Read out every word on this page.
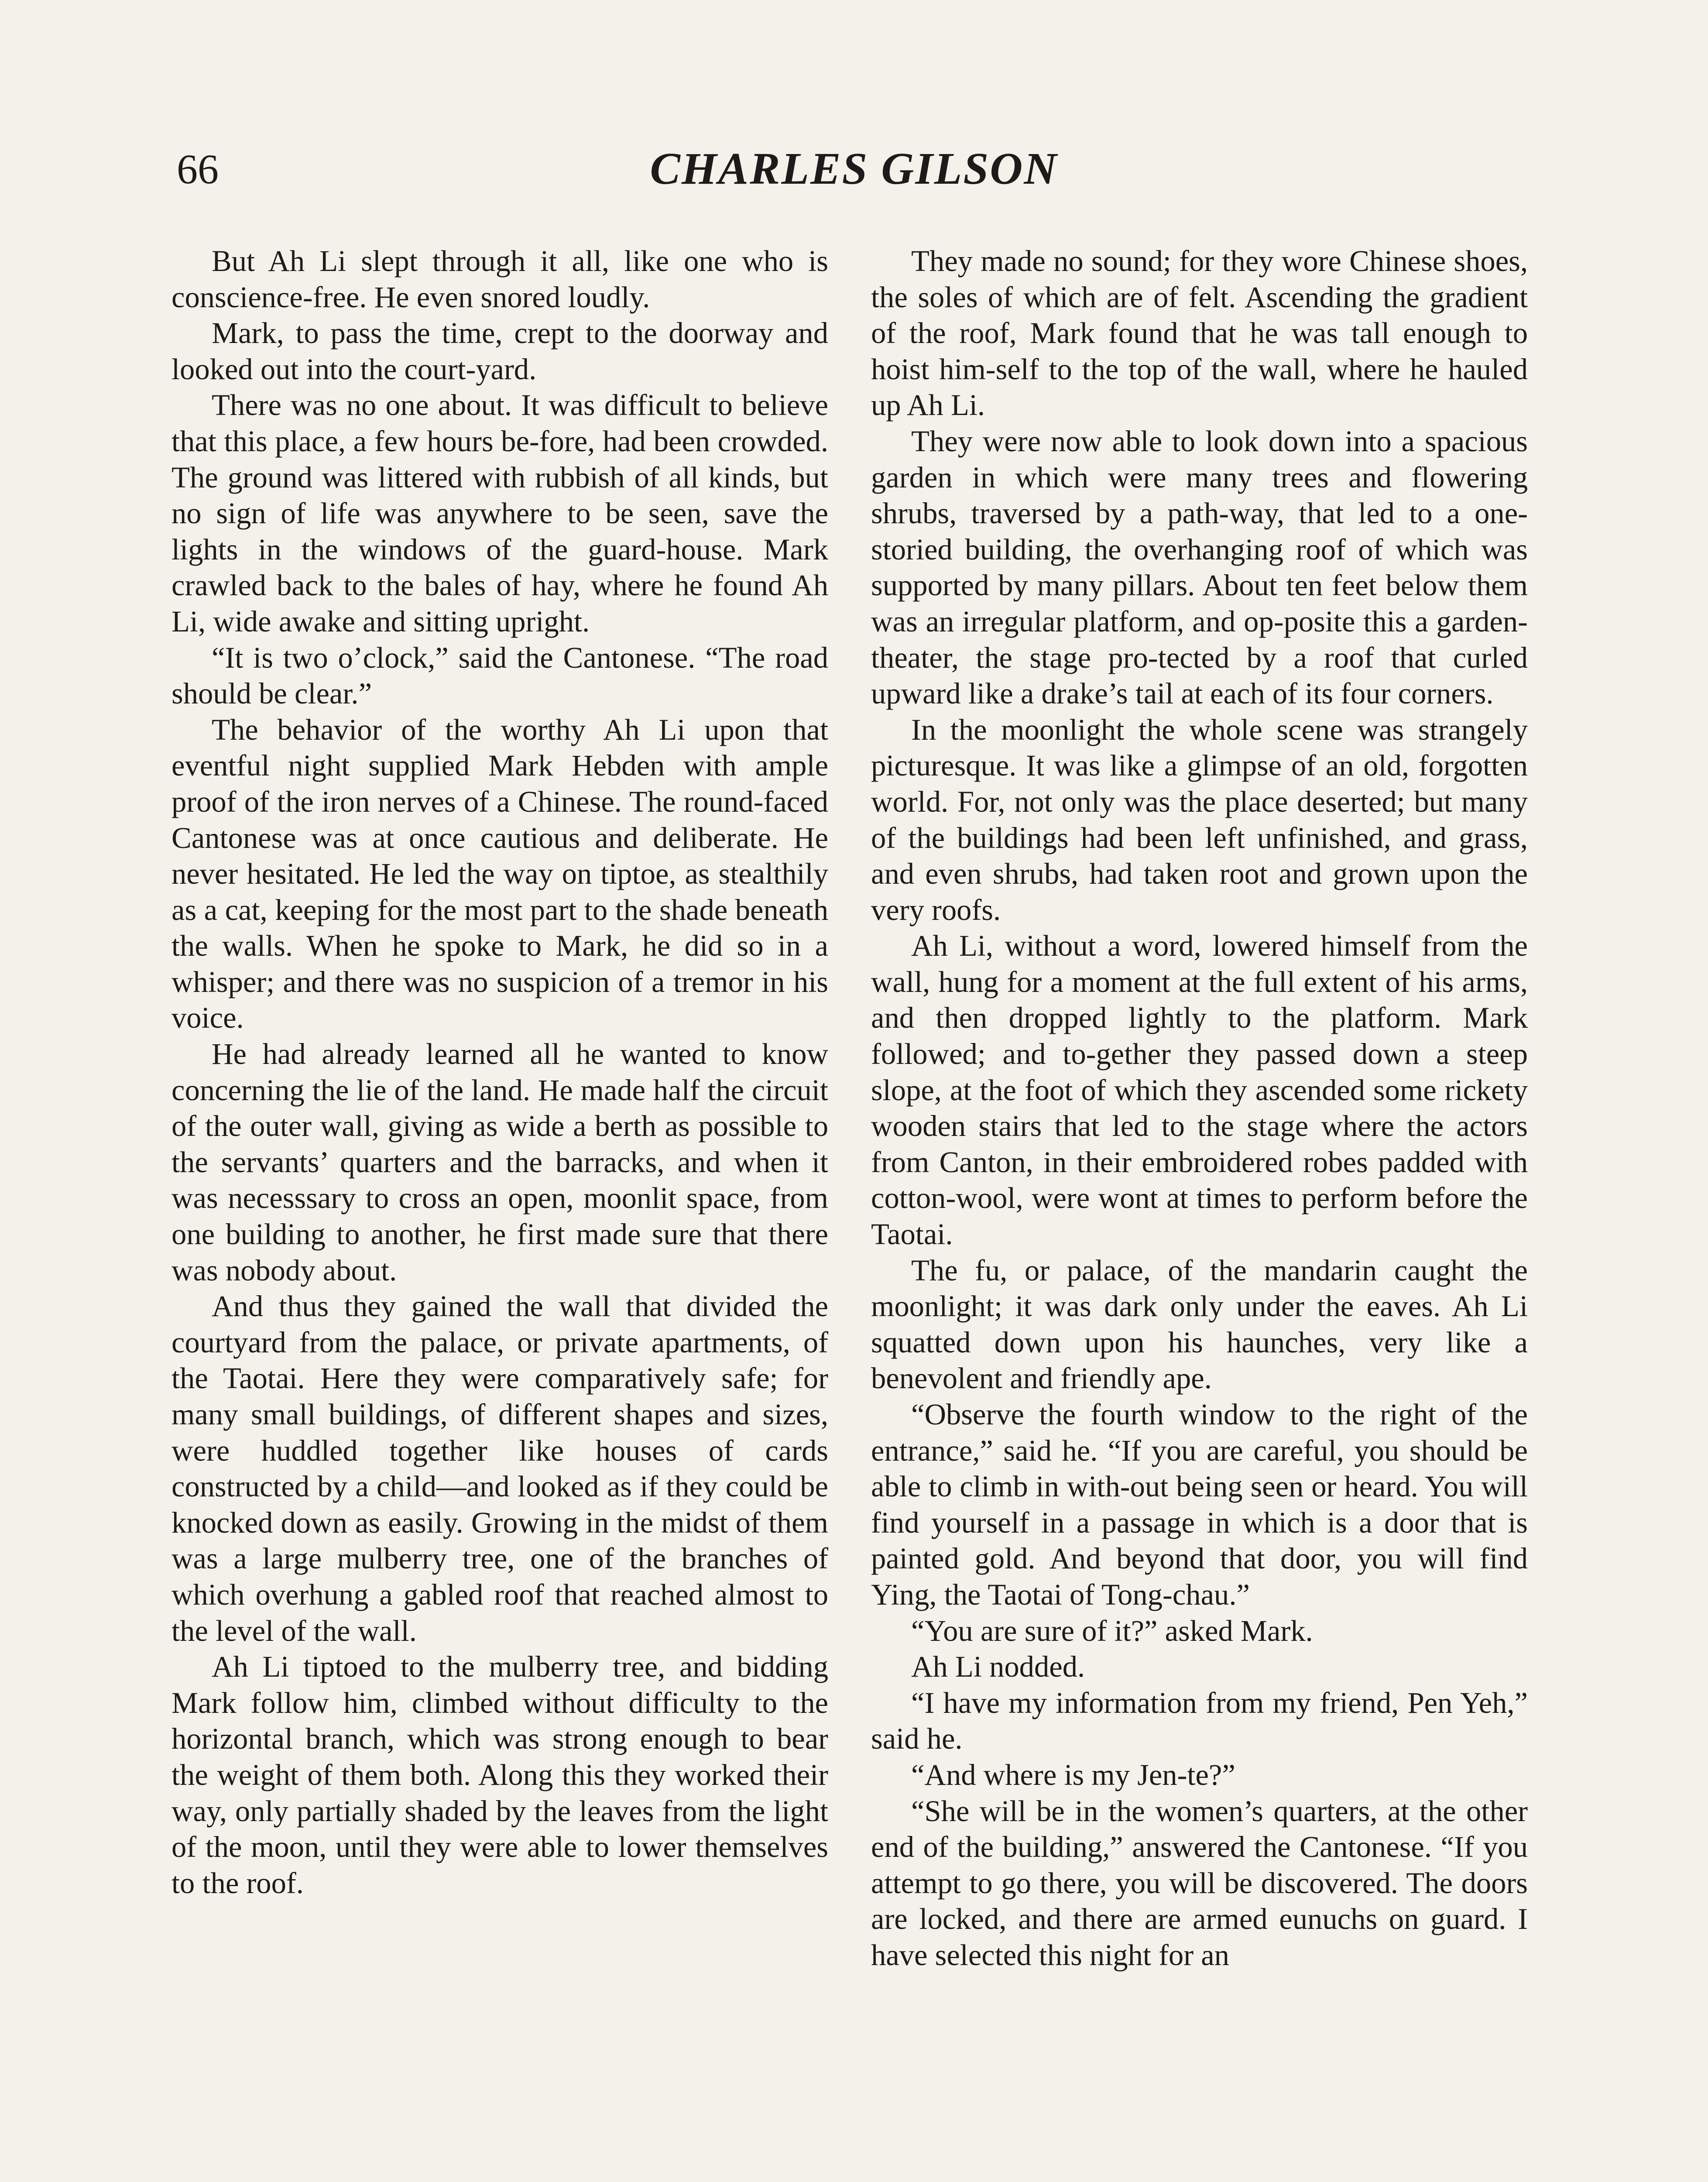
66	CHARLES GILSON

But Ah Li slept through it all, like one who is conscience-free. He even snored loudly.

Mark, to pass the time, crept to the doorway and looked out into the court-yard.

There was no one about. It was difficult to believe that this place, a few hours be-fore, had been crowded. The ground was littered with rubbish of all kinds, but no sign of life was anywhere to be seen, save the lights in the windows of the guard-house. Mark crawled back to the bales of hay, where he found Ah Li, wide awake and sitting upright.

“It is two o’clock,” said the Cantonese. “The road should be clear.”

The behavior of the worthy Ah Li upon that eventful night supplied Mark Hebden with ample proof of the iron nerves of a Chinese. The round-faced Cantonese was at once cautious and deliberate. He never hesitated. He led the way on tiptoe, as stealthily as a cat, keeping for the most part to the shade beneath the walls. When he spoke to Mark, he did so in a whisper; and there was no suspicion of a tremor in his voice.

He had already learned all he wanted to know concerning the lie of the land. He made half the circuit of the outer wall, giving as wide a berth as possible to the servants’ quarters and the barracks, and when it was necesssary to cross an open, moonlit space, from one building to another, he first made sure that there was nobody about.

And thus they gained the wall that divided the courtyard from the palace, or private apartments, of the Taotai. Here they were comparatively safe; for many small buildings, of different shapes and sizes, were huddled together like houses of cards constructed by a child—and looked as if they could be knocked down as easily. Growing in the midst of them was a large mulberry tree, one of the branches of which overhung a gabled roof that reached almost to the level of the wall.

Ah Li tiptoed to the mulberry tree, and bidding Mark follow him, climbed without difficulty to the horizontal branch, which was strong enough to bear the weight of them both. Along this they worked their way, only partially shaded by the leaves from the light of the moon, until they were able to lower themselves to the roof.

They made no sound; for they wore Chinese shoes, the soles of which are of felt. Ascending the gradient of the roof, Mark found that he was tall enough to hoist him-self to the top of the wall, where he hauled up Ah Li.

They were now able to look down into a spacious garden in which were many trees and flowering shrubs, traversed by a path-way, that led to a one-storied building, the overhanging roof of which was supported by many pillars. About ten feet below them was an irregular platform, and op-posite this a garden-theater, the stage pro-tected by a roof that curled upward like a drake’s tail at each of its four corners.

In the moonlight the whole scene was strangely picturesque. It was like a glimpse of an old, forgotten world. For, not only was the place deserted; but many of the buildings had been left unfinished, and grass, and even shrubs, had taken root and grown upon the very roofs.

Ah Li, without a word, lowered himself from the wall, hung for a moment at the full extent of his arms, and then dropped lightly to the platform. Mark followed; and to-gether they passed down a steep slope, at the foot of which they ascended some rickety wooden stairs that led to the stage where the actors from Canton, in their embroidered robes padded with cotton-wool, were wont at times to perform before the Taotai.

The fu, or palace, of the mandarin caught the moonlight; it was dark only under the eaves. Ah Li squatted down upon his haunches, very like a benevolent and friendly ape.

“Observe the fourth window to the right of the entrance,” said he. “If you are careful, you should be able to climb in with-out being seen or heard. You will find yourself in a passage in which is a door that is painted gold. And beyond that door, you will find Ying, the Taotai of Tong-chau.”

“You are sure of it?” asked Mark.

Ah Li nodded.

“I have my information from my friend, Pen Yeh,” said he.

“And where is my Jen-te?”

“She will be in the women’s quarters, at the other end of the building,” answered the Cantonese. “If you attempt to go there, you will be discovered. The doors are locked, and there are armed eunuchs on guard. I have selected this night for an
